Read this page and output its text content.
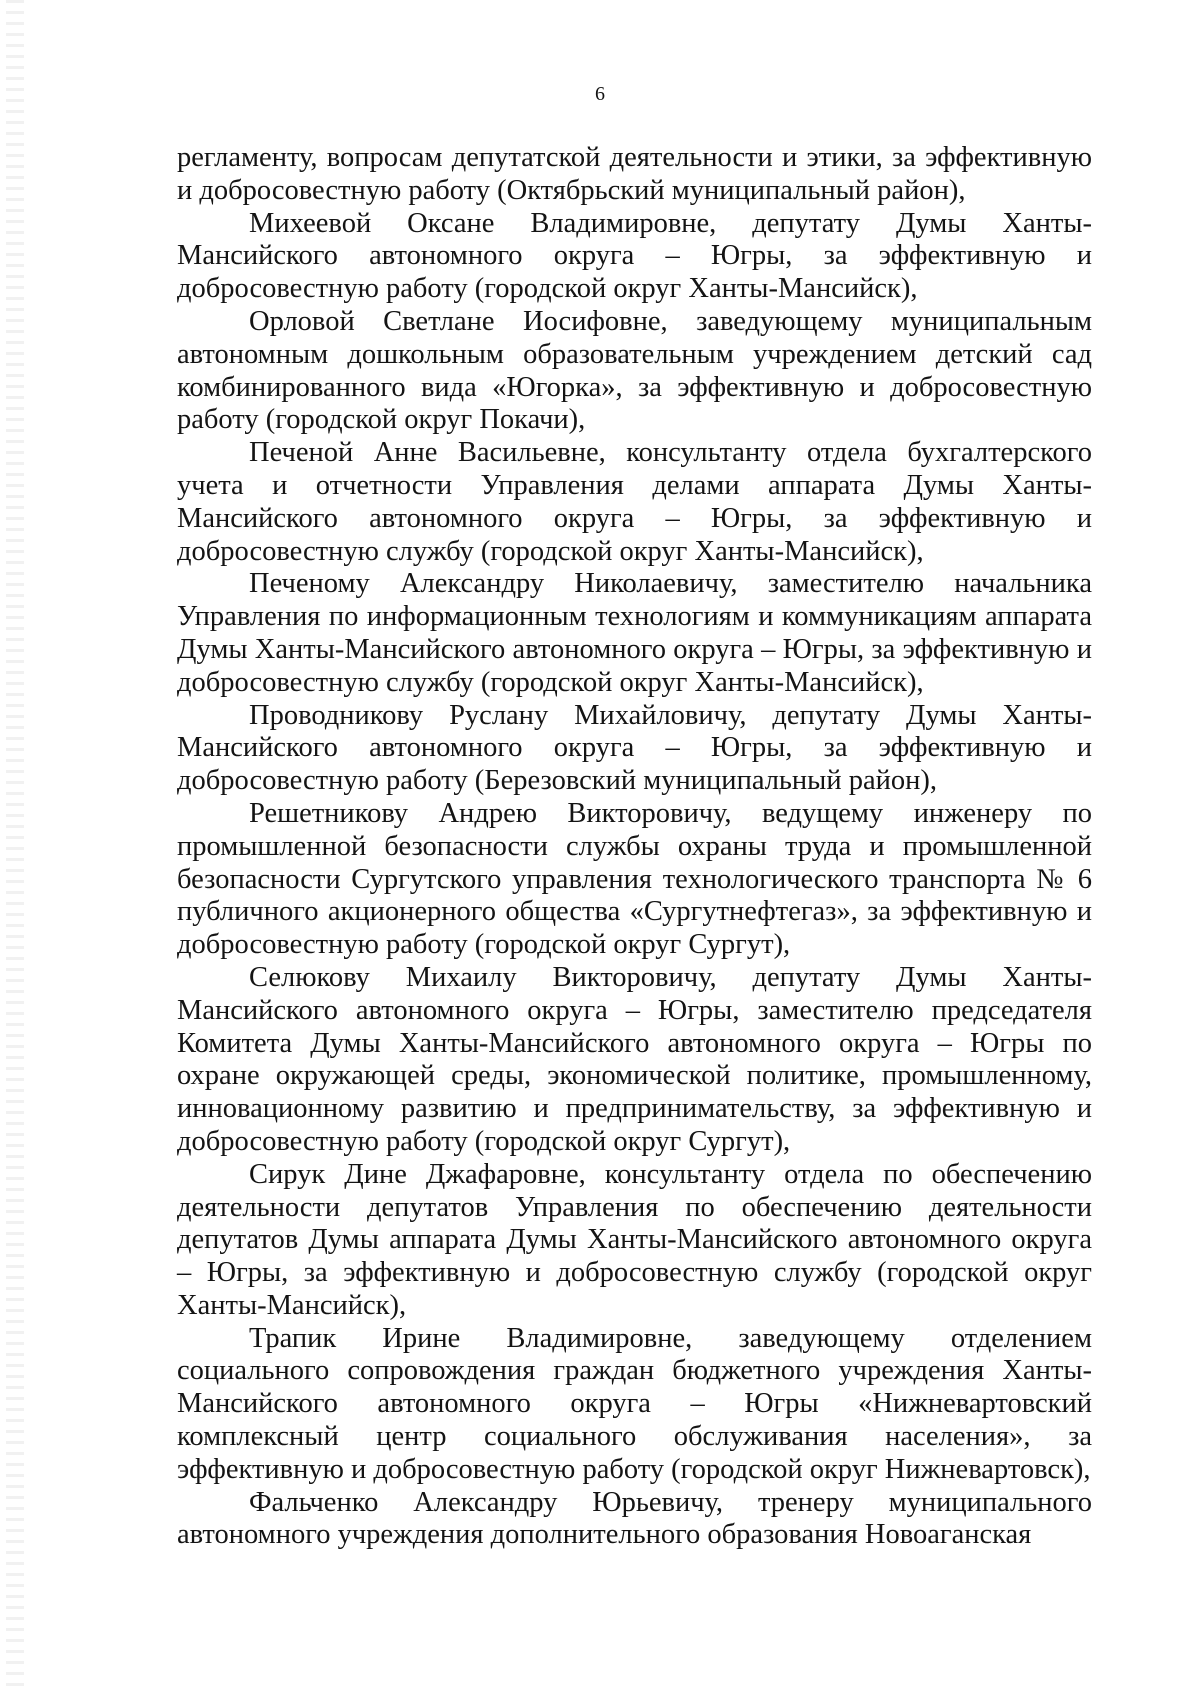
6

регламенту, вопросам депутатской деятельности и этики, за эффективную и добросовестную работу (Октябрьский муниципальный район),

Михеевой Оксане Владимировне, депутату Думы Ханты-Мансийского автономного округа – Югры, за эффективную и добросовестную работу (городской округ Ханты-Мансийск),

Орловой Светлане Иосифовне, заведующему муниципальным автономным дошкольным образовательным учреждением детский сад комбинированного вида «Югорка», за эффективную и добросовестную работу (городской округ Покачи),

Печеной Анне Васильевне, консультанту отдела бухгалтерского учета и отчетности Управления делами аппарата Думы Ханты-Мансийского автономного округа – Югры, за эффективную и добросовестную службу (городской округ Ханты-Мансийск),

Печеному Александру Николаевичу, заместителю начальника Управления по информационным технологиям и коммуникациям аппарата Думы Ханты-Мансийского автономного округа – Югры, за эффективную и добросовестную службу (городской округ Ханты-Мансийск),

Проводникову Руслану Михайловичу, депутату Думы Ханты-Мансийского автономного округа – Югры, за эффективную и добросовестную работу (Березовский муниципальный район),

Решетникову Андрею Викторовичу, ведущему инженеру по промышленной безопасности службы охраны труда и промышленной безопасности Сургутского управления технологического транспорта № 6 публичного акционерного общества «Сургутнефтегаз», за эффективную и добросовестную работу (городской округ Сургут),

Селюкову Михаилу Викторовичу, депутату Думы Ханты-Мансийского автономного округа – Югры, заместителю председателя Комитета Думы Ханты-Мансийского автономного округа – Югры по охране окружающей среды, экономической политике, промышленному, инновационному развитию и предпринимательству, за эффективную и добросовестную работу (городской округ Сургут),

Сирук Дине Джафаровне, консультанту отдела по обеспечению деятельности депутатов Управления по обеспечению деятельности депутатов Думы аппарата Думы Ханты-Мансийского автономного округа – Югры, за эффективную и добросовестную службу (городской округ Ханты-Мансийск),

Трапик Ирине Владимировне, заведующему отделением социального сопровождения граждан бюджетного учреждения Ханты-Мансийского автономного округа – Югры «Нижневартовский комплексный центр социального обслуживания населения», за эффективную и добросовестную работу (городской округ Нижневартовск),

Фальченко Александру Юрьевичу, тренеру муниципального автономного учреждения дополнительного образования Новоаганская
